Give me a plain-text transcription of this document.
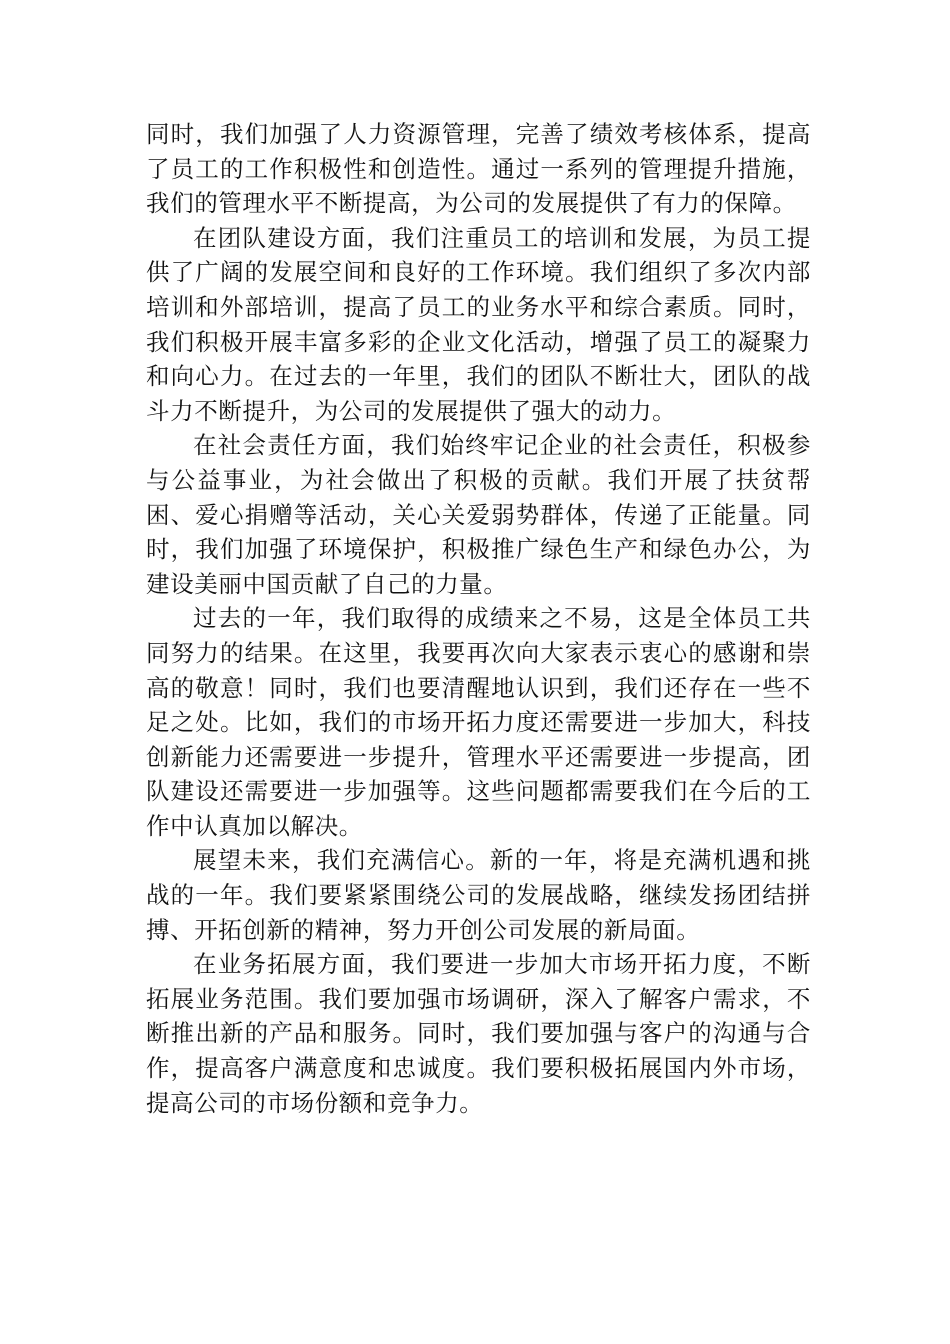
同时，我们加强了人力资源管理，完善了绩效考核体系，提高了员工的工作积极性和创造性。通过一系列的管理提升措施，我们的管理水平不断提高，为公司的发展提供了有力的保障。

在团队建设方面，我们注重员工的培训和发展，为员工提供了广阔的发展空间和良好的工作环境。我们组织了多次内部培训和外部培训，提高了员工的业务水平和综合素质。同时，我们积极开展丰富多彩的企业文化活动，增强了员工的凝聚力和向心力。在过去的一年里，我们的团队不断壮大，团队的战斗力不断提升，为公司的发展提供了强大的动力。

在社会责任方面，我们始终牢记企业的社会责任，积极参与公益事业，为社会做出了积极的贡献。我们开展了扶贫帮困、爱心捐赠等活动，关心关爱弱势群体，传递了正能量。同时，我们加强了环境保护，积极推广绿色生产和绿色办公，为建设美丽中国贡献了自己的力量。

过去的一年，我们取得的成绩来之不易，这是全体员工共同努力的结果。在这里，我要再次向大家表示衷心的感谢和崇高的敬意！同时，我们也要清醒地认识到，我们还存在一些不足之处。比如，我们的市场开拓力度还需要进一步加大，科技创新能力还需要进一步提升，管理水平还需要进一步提高，团队建设还需要进一步加强等。这些问题都需要我们在今后的工作中认真加以解决。

展望未来，我们充满信心。新的一年，将是充满机遇和挑战的一年。我们要紧紧围绕公司的发展战略，继续发扬团结拼搏、开拓创新的精神，努力开创公司发展的新局面。

在业务拓展方面，我们要进一步加大市场开拓力度，不断拓展业务范围。我们要加强市场调研，深入了解客户需求，不断推出新的产品和服务。同时，我们要加强与客户的沟通与合作，提高客户满意度和忠诚度。我们要积极拓展国内外市场，提高公司的市场份额和竞争力。
